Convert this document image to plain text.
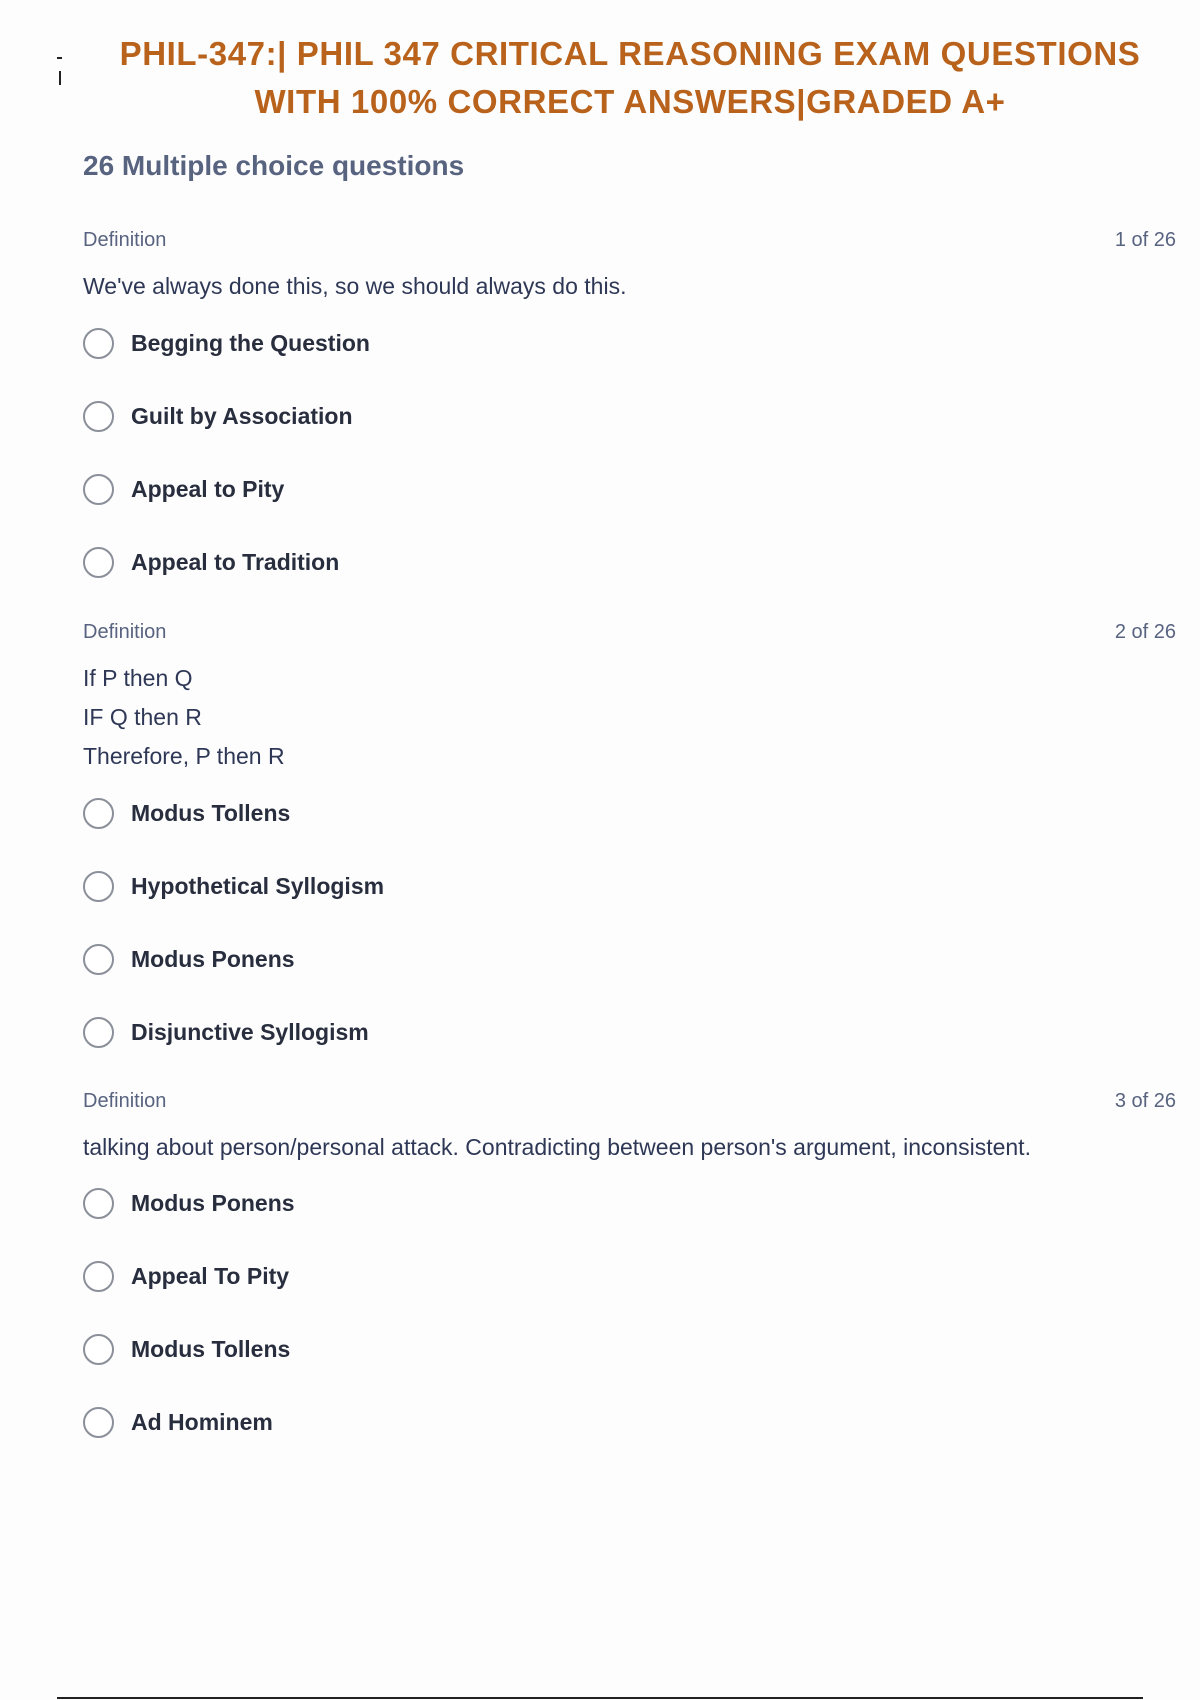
PHIL-347:| PHIL 347 CRITICAL REASONING EXAM QUESTIONS
WITH 100% CORRECT ANSWERS|GRADED A+
26 Multiple choice questions
Definition	1 of 26
We've always done this, so we should always do this.
Begging the Question
Guilt by Association
Appeal to Pity
Appeal to Tradition
Definition	2 of 26
If P then Q
IF Q then R
Therefore, P then R
Modus Tollens
Hypothetical Syllogism
Modus Ponens
Disjunctive Syllogism
Definition	3 of 26
talking about person/personal attack. Contradicting between person's argument, inconsistent.
Modus Ponens
Appeal To Pity
Modus Tollens
Ad Hominem
